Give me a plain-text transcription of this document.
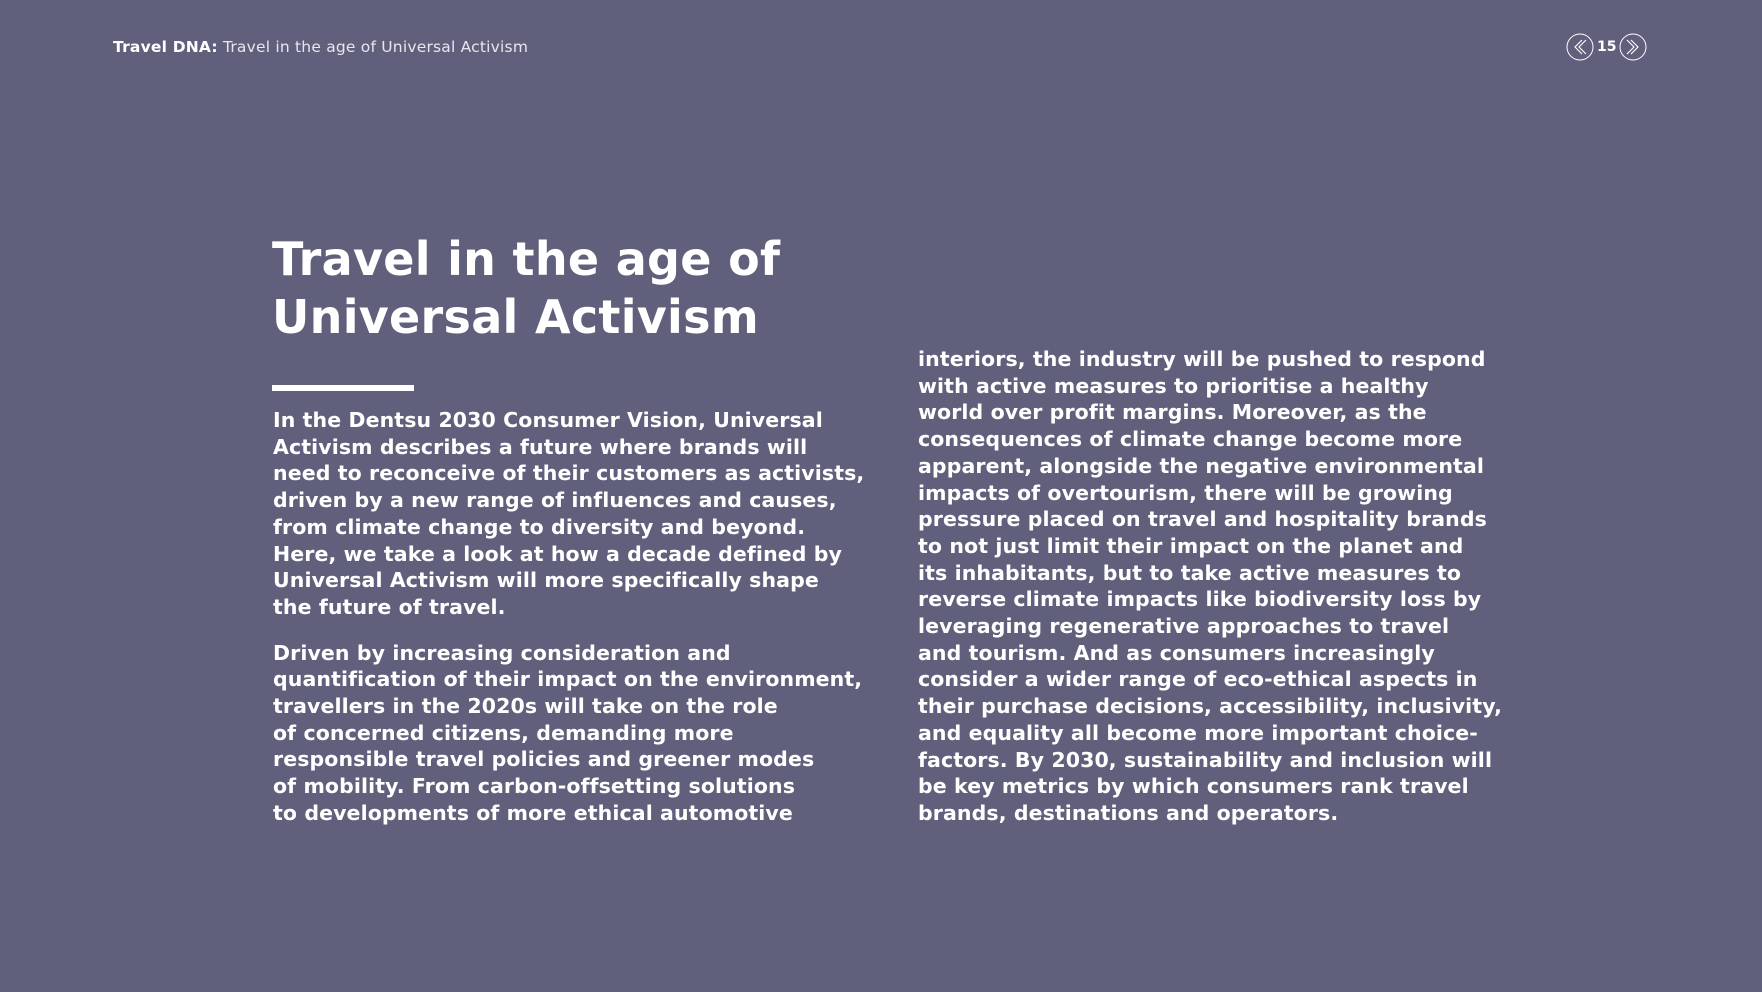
Travel DNA: Travel in the age of Universal Activism	15
Travel in the age of
Universal Activism

In the Dentsu 2030 Consumer Vision, Universal
Activism describes a future where brands will
need to reconceive of their customers as activists,
driven by a new range of influences and causes,
from climate change to diversity and beyond.
Here, we take a look at how a decade defined by
Universal Activism will more specifically shape
the future of travel.

Driven by increasing consideration and
quantification of their impact on the environment,
travellers in the 2020s will take on the role
of concerned citizens, demanding more
responsible travel policies and greener modes
of mobility. From carbon-offsetting solutions
to developments of more ethical automotive

interiors, the industry will be pushed to respond
with active measures to prioritise a healthy
world over profit margins. Moreover, as the
consequences of climate change become more
apparent, alongside the negative environmental
impacts of overtourism, there will be growing
pressure placed on travel and hospitality brands
to not just limit their impact on the planet and
its inhabitants, but to take active measures to
reverse climate impacts like biodiversity loss by
leveraging regenerative approaches to travel
and tourism. And as consumers increasingly
consider a wider range of eco-ethical aspects in
their purchase decisions, accessibility, inclusivity,
and equality all become more important choice-
factors. By 2030, sustainability and inclusion will
be key metrics by which consumers rank travel
brands, destinations and operators.
